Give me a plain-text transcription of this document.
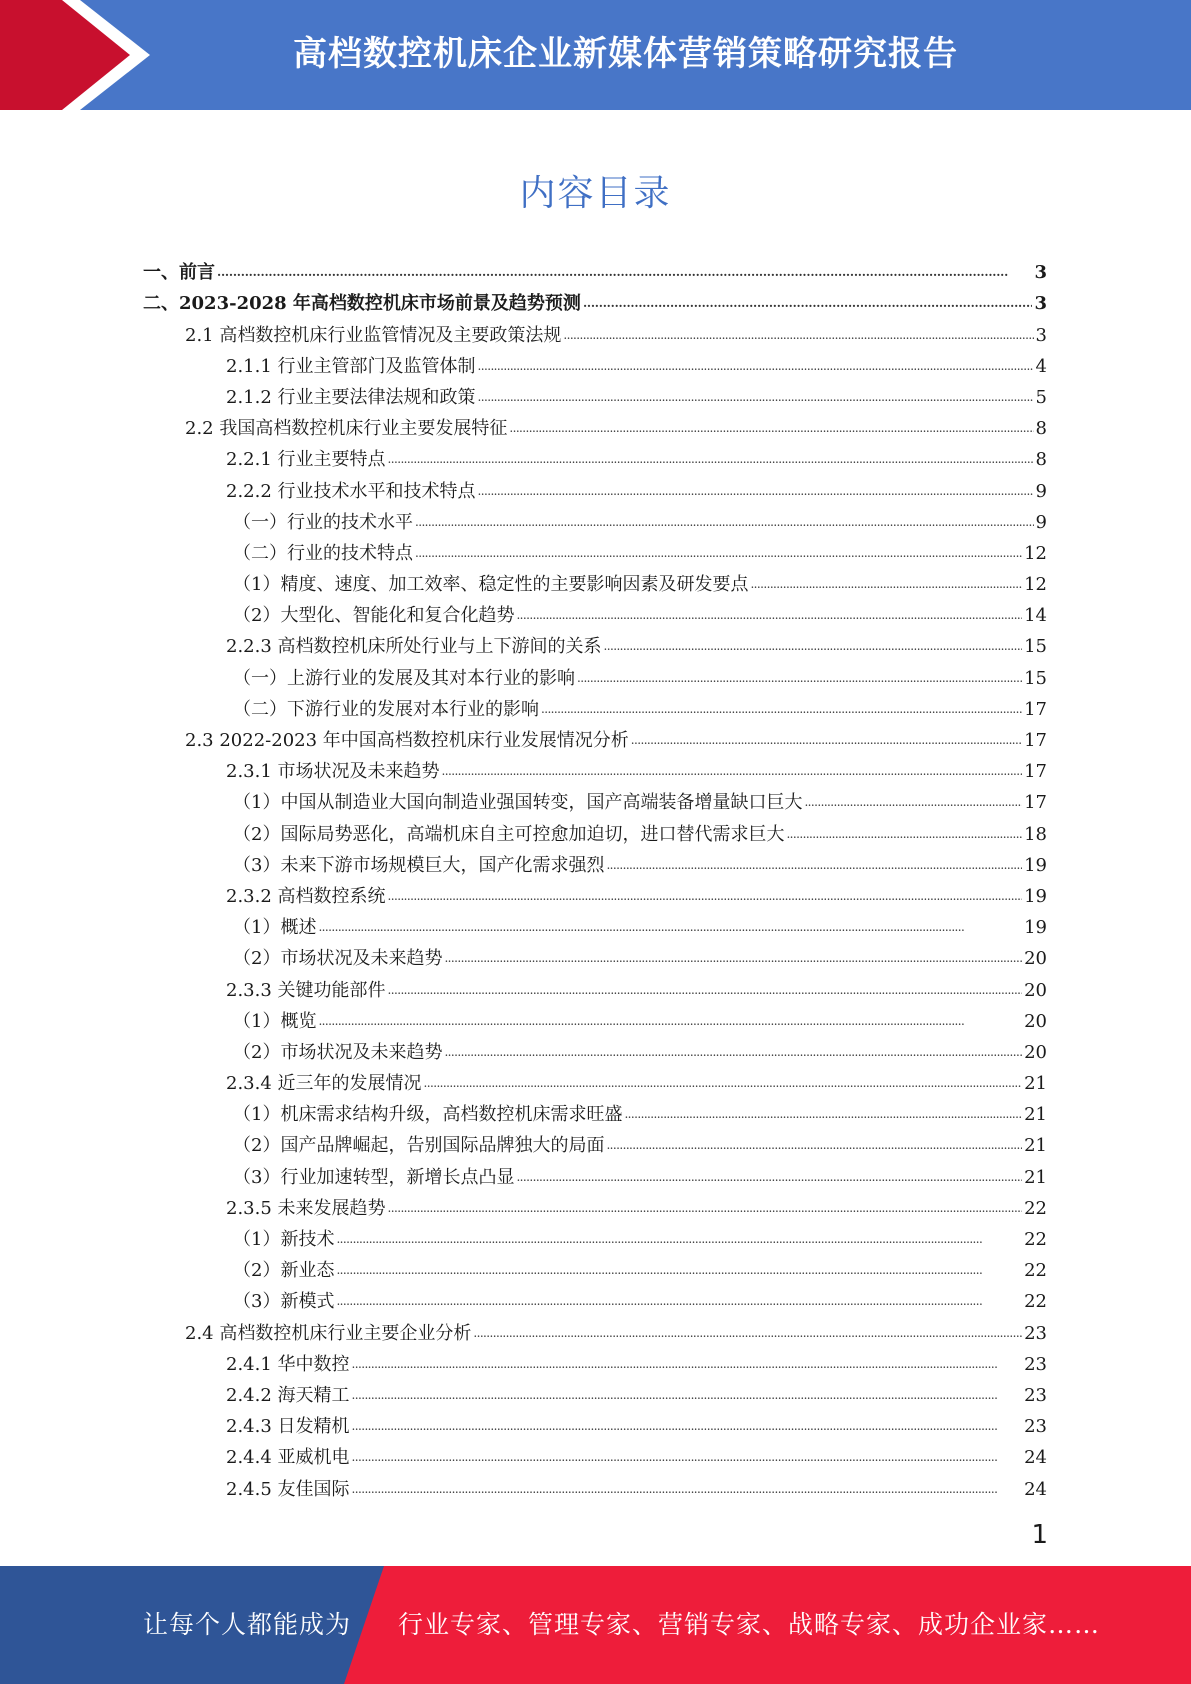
高档数控机床企业新媒体营销策略研究报告
内容目录
一、前言 . . .	3
二、2023-2028 年高档数控机床市场前景及趋势预测 . . .	3
2.1 高档数控机床行业监管情况及主要政策法规 . . .	3
2.1.1 行业主管部门及监管体制 . . .	4
2.1.2 行业主要法律法规和政策 . . .	5
2.2 我国高档数控机床行业主要发展特征 . . .	8
2.2.1 行业主要特点 . . .	8
2.2.2 行业技术水平和技术特点 . . .	9
（一）行业的技术水平 . . .	9
（二）行业的技术特点 . . .	12
（1）精度、速度、加工效率、稳定性的主要影响因素及研发要点 . . .	12
（2）大型化、智能化和复合化趋势 . . .	14
2.2.3 高档数控机床所处行业与上下游间的关系 . . .	15
（一）上游行业的发展及其对本行业的影响 . . .	15
（二）下游行业的发展对本行业的影响 . . .	17
2.3 2022-2023 年中国高档数控机床行业发展情况分析 . . .	17
2.3.1 市场状况及未来趋势 . . .	17
（1）中国从制造业大国向制造业强国转变，国产高端装备增量缺口巨大 . . .	17
（2）国际局势恶化，高端机床自主可控愈加迫切，进口替代需求巨大 . . .	18
（3）未来下游市场规模巨大，国产化需求强烈 . . .	19
2.3.2 高档数控系统 . . .	19
（1）概述 . . .	19
（2）市场状况及未来趋势 . . .	20
2.3.3 关键功能部件 . . .	20
（1）概览 . . .	20
（2）市场状况及未来趋势 . . .	20
2.3.4 近三年的发展情况 . . .	21
（1）机床需求结构升级，高档数控机床需求旺盛 . . .	21
（2）国产品牌崛起，告别国际品牌独大的局面 . . .	21
（3）行业加速转型，新增长点凸显 . . .	21
2.3.5 未来发展趋势 . . .	22
（1）新技术 . . .	22
（2）新业态 . . .	22
（3）新模式 . . .	22
2.4 高档数控机床行业主要企业分析 . . .	23
2.4.1 华中数控 . . .	23
2.4.2 海天精工 . . .	23
2.4.3 日发精机 . . .	23
2.4.4 亚威机电 . . .	24
2.4.5 友佳国际 . . .	24
1
让每个人都能成为 行业专家、管理专家、营销专家、战略专家、成功企业家……
